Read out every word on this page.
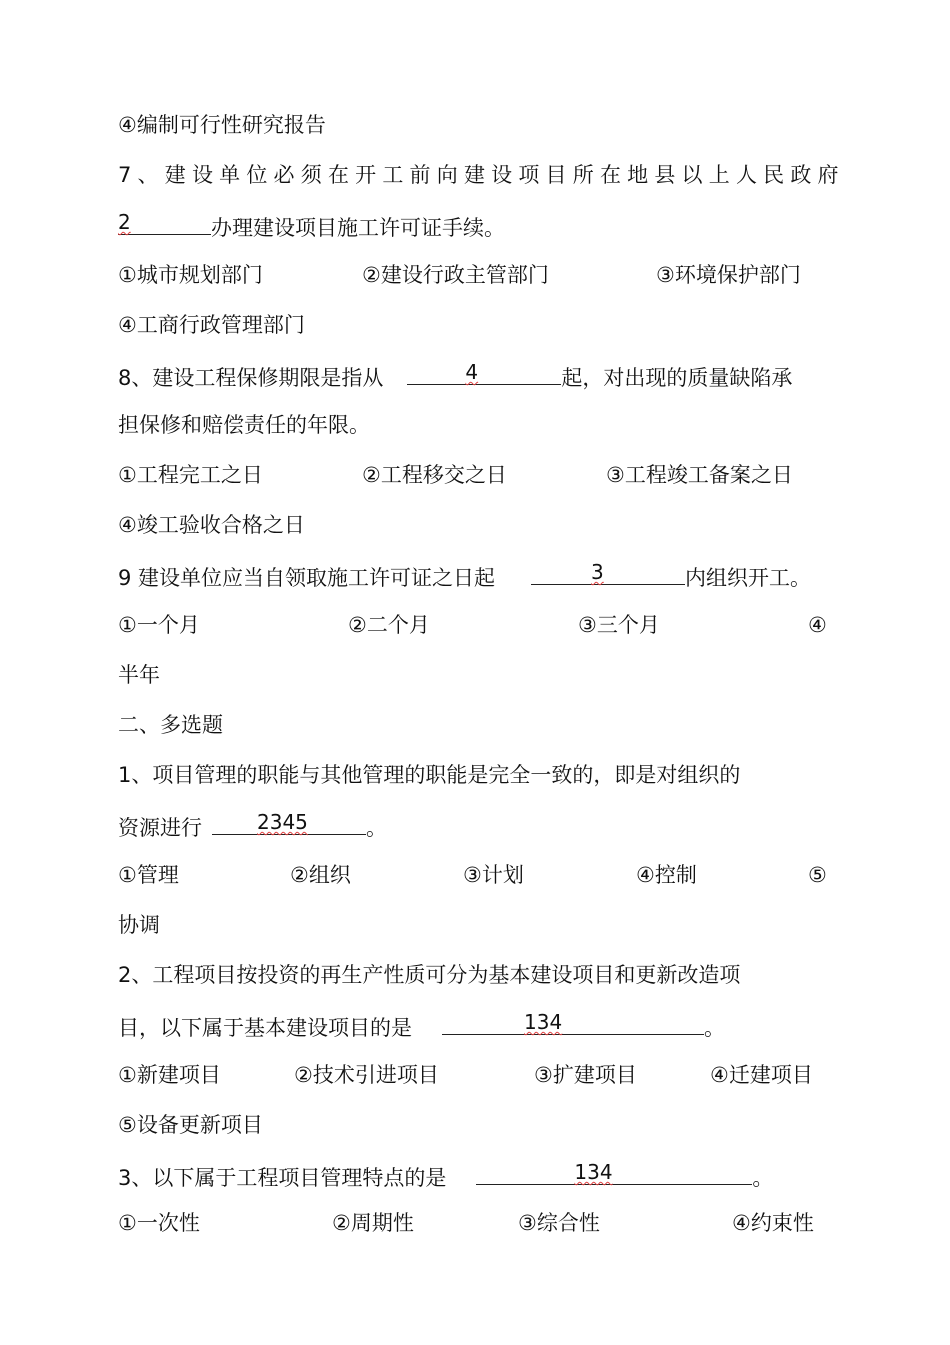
④编制可行性研究报告
7、建设单位必须在开工前向建设项目所在地县以上人民政府
2	办理建设项目施工许可证手续。
①城市规划部门	②建设行政主管部门	③环境保护部门
④工商行政管理部门
8、建设工程保修期限是指从	4	起，对出现的质量缺陷承
担保修和赔偿责任的年限。
①工程完工之日	②工程移交之日	③工程竣工备案之日
④竣工验收合格之日
9 建设单位应当自领取施工许可证之日起	3	内组织开工。
①一个月	②二个月	③三个月	④
半年
二、多选题
1、项目管理的职能与其他管理的职能是完全一致的，即是对组织的
资源进行	2345	。
①管理	②组织	③计划	④控制	⑤
协调
2、工程项目按投资的再生产性质可分为基本建设项目和更新改造项
目，以下属于基本建设项目的是	134	。
①新建项目	②技术引进项目	③扩建项目	④迁建项目
⑤设备更新项目
3、以下属于工程项目管理特点的是	134	。
①一次性	②周期性	③综合性	④约束性
